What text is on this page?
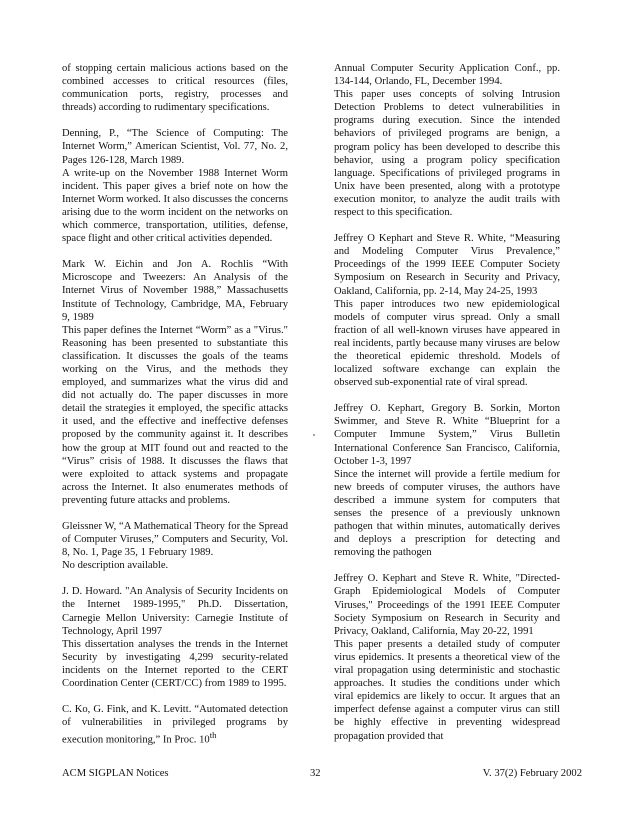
of stopping certain malicious actions based on the combined accesses to critical resources (files, communication ports, registry, processes and threads) according to rudimentary specifications.

Denning, P., “The Science of Computing: The Internet Worm,” American Scientist, Vol. 77, No. 2, Pages 126-128, March 1989.

A write-up on the November 1988 Internet Worm incident. This paper gives a brief note on how the Internet Worm worked. It also discusses the concerns arising due to the worm incident on the networks on which commerce, transportation, utilities, defense, space flight and other critical activities depended.

Mark W. Eichin and Jon A. Rochlis “With Microscope and Tweezers: An Analysis of the Internet Virus of November 1988,” Massachusetts Institute of Technology, Cambridge, MA, February 9, 1989

This paper defines the Internet “Worm” as a "Virus." Reasoning has been presented to substantiate this classification. It discusses the goals of the teams working on the Virus, and the methods they employed, and summarizes what the virus did and did not actually do. The paper discusses in more detail the strategies it employed, the specific attacks it used, and the effective and ineffective defenses proposed by the community against it. It describes how the group at MIT found out and reacted to the “Virus” crisis of 1988. It discusses the flaws that were exploited to attack systems and propagate across the Internet. It also enumerates methods of preventing future attacks and problems.

Gleissner W, “A Mathematical Theory for the Spread of Computer Viruses,” Computers and Security, Vol. 8, No. 1, Page 35, 1 February 1989.

No description available.

J. D. Howard. "An Analysis of Security Incidents on the Internet 1989-1995," Ph.D. Dissertation, Carnegie Mellon University: Carnegie Institute of Technology, April 1997

This dissertation analyses the trends in the Internet Security by investigating 4,299 security-related incidents on the Internet reported to the CERT Coordination Center (CERT/CC) from 1989 to 1995.

C. Ko, G. Fink, and K. Levitt. “Automated detection of vulnerabilities in privileged programs by execution monitoring,” In Proc. 10th

Annual Computer Security Application Conf., pp. 134-144, Orlando, FL, December 1994.

This paper uses concepts of solving Intrusion Detection Problems to detect vulnerabilities in programs during execution. Since the intended behaviors of privileged programs are benign, a program policy has been developed to describe this behavior, using a program policy specification language. Specifications of privileged programs in Unix have been presented, along with a prototype execution monitor, to analyze the audit trails with respect to this specification.

Jeffrey O Kephart and Steve R. White, “Measuring and Modeling Computer Virus Prevalence,” Proceedings of the 1999 IEEE Computer Society Symposium on Research in Security and Privacy, Oakland, California, pp. 2-14, May 24-25, 1993

This paper introduces two new epidemiological models of computer virus spread. Only a small fraction of all well-known viruses have appeared in real incidents, partly because many viruses are below the theoretical epidemic threshold. Models of localized software exchange can explain the observed sub-exponential rate of viral spread.

Jeffrey O. Kephart, Gregory B. Sorkin, Morton Swimmer, and Steve R. White “Blueprint for a Computer Immune System,” Virus Bulletin International Conference San Francisco, California, October 1-3, 1997

Since the internet will provide a fertile medium for new breeds of computer viruses, the authors have described a immune system for computers that senses the presence of a previously unknown pathogen that within minutes, automatically derives and deploys a prescription for detecting and removing the pathogen

Jeffrey O. Kephart and Steve R. White, "Directed-Graph Epidemiological Models of Computer Viruses," Proceedings of the 1991 IEEE Computer Society Symposium on Research in Security and Privacy, Oakland, California, May 20-22, 1991

This paper presents a detailed study of computer virus epidemics. It presents a theoretical view of the viral propagation using deterministic and stochastic approaches. It studies the conditions under which viral epidemics are likely to occur. It argues that an imperfect defense against a computer virus can still be highly effective in preventing widespread propagation provided that

ACM SIGPLAN Notices	32	V. 37(2) February 2002
